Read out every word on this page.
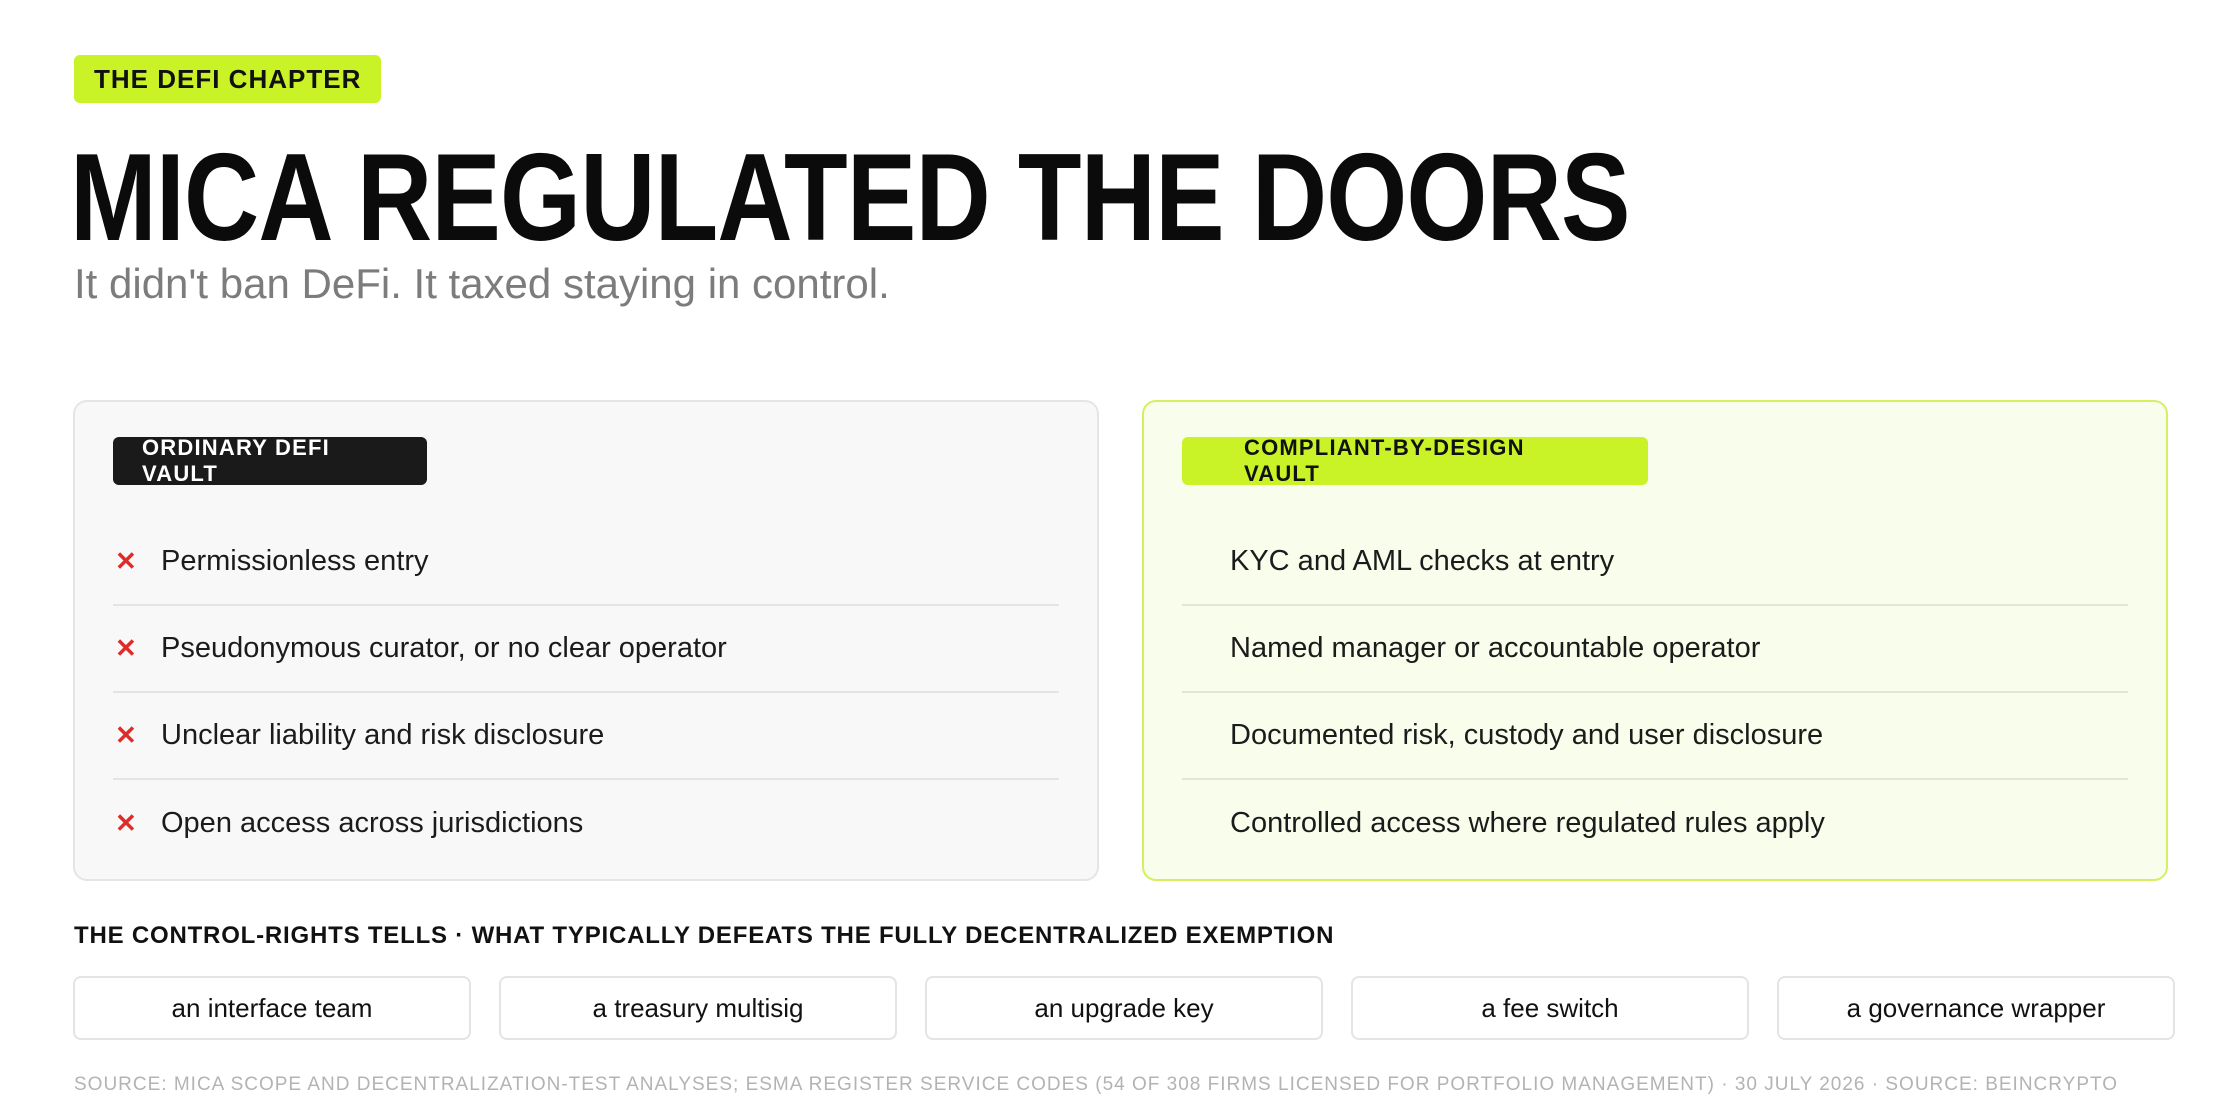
THE DEFI CHAPTER
MICA REGULATED THE DOORS
It didn't ban DeFi. It taxed staying in control.
ORDINARY DEFI VAULT
✕ Permissionless entry
✕ Pseudonymous curator, or no clear operator
✕ Unclear liability and risk disclosure
✕ Open access across jurisdictions
COMPLIANT-BY-DESIGN VAULT
KYC and AML checks at entry
Named manager or accountable operator
Documented risk, custody and user disclosure
Controlled access where regulated rules apply
THE CONTROL-RIGHTS TELLS · WHAT TYPICALLY DEFEATS THE FULLY DECENTRALIZED EXEMPTION
an interface team	a treasury multisig	an upgrade key	a fee switch	a governance wrapper
SOURCE: MICA SCOPE AND DECENTRALIZATION-TEST ANALYSES; ESMA REGISTER SERVICE CODES (54 OF 308 FIRMS LICENSED FOR PORTFOLIO MANAGEMENT) · 30 JULY 2026 · SOURCE: BEINCRYPTO
